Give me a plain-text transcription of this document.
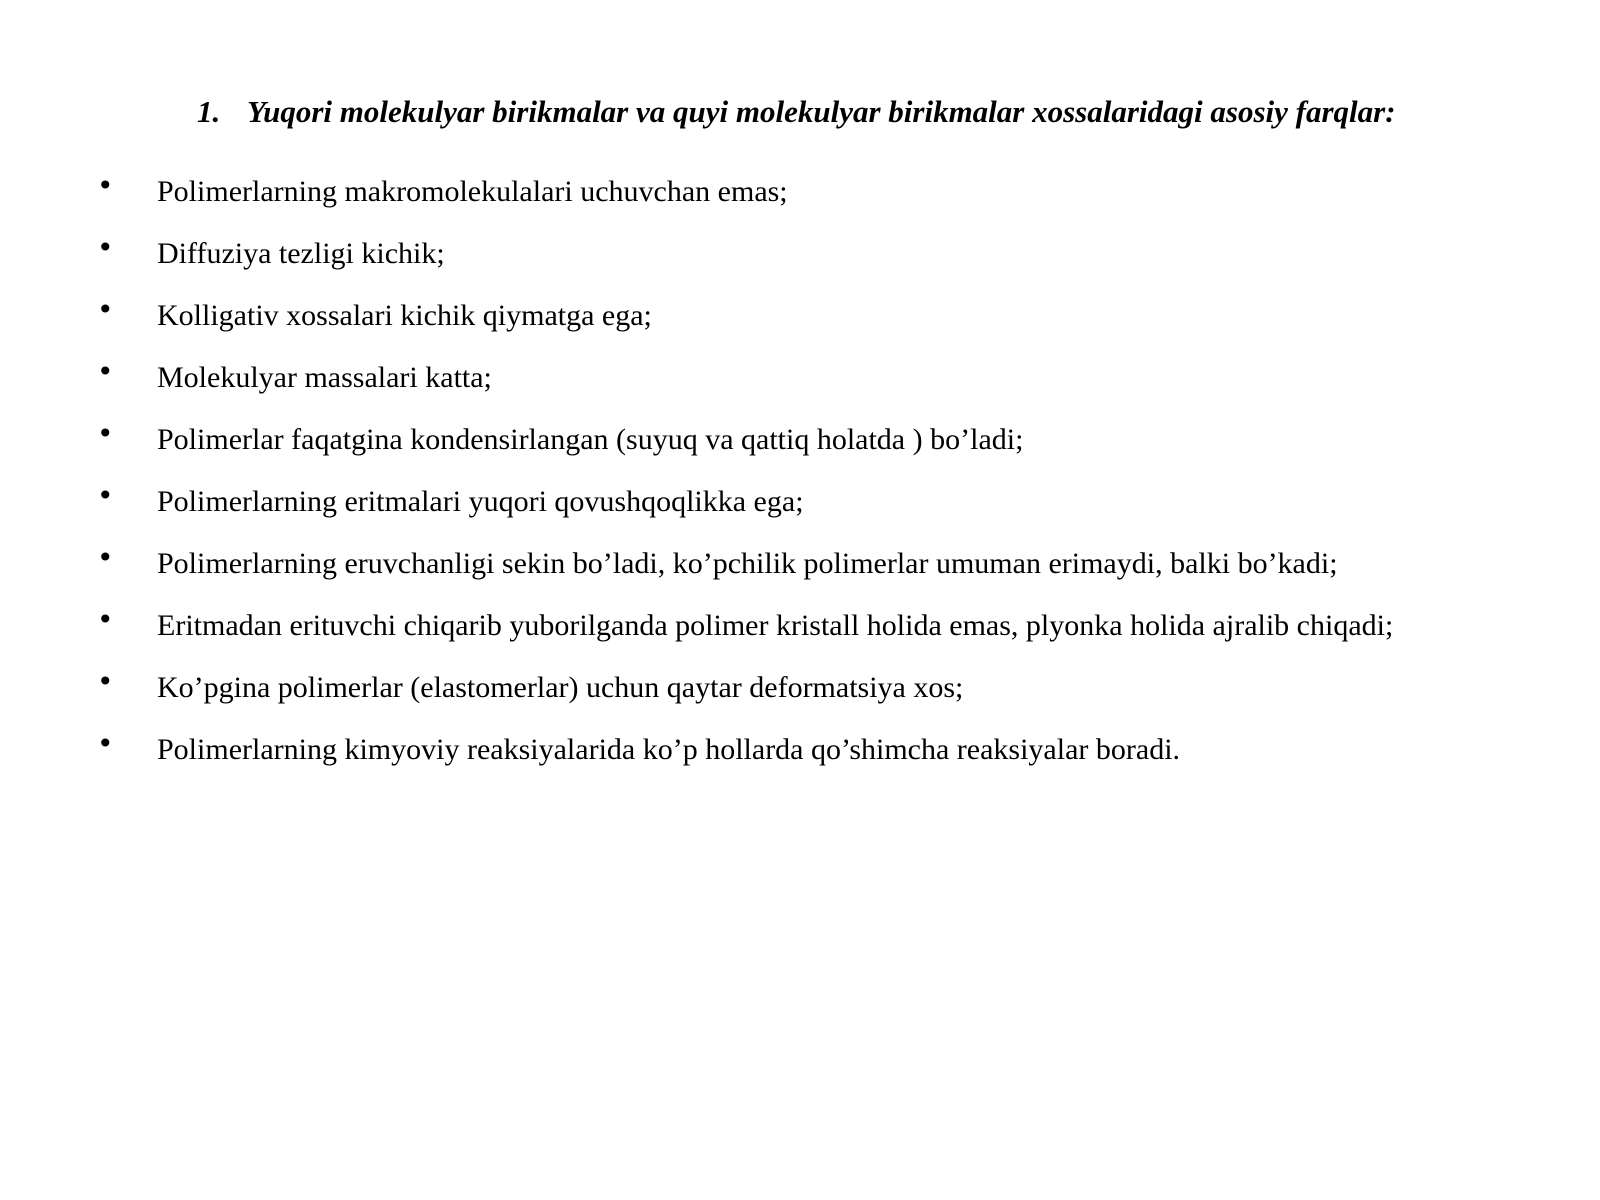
1. Yuqori molekulyar birikmalar va quyi molekulyar birikmalar xossalaridagi asosiy farqlar:
• Polimerlarning makromolekulalari uchuvchan emas;
• Diffuziya tezligi kichik;
• Kolligativ xossalari kichik qiymatga ega;
• Molekulyar massalari katta;
• Polimerlar faqatgina kondensirlangan (suyuq va qattiq holatda ) bo’ladi;
• Polimerlarning eritmalari yuqori qovushqoqlikka ega;
• Polimerlarning eruvchanligi sekin bo’ladi, ko’pchilik polimerlar umuman erimaydi, balki bo’kadi;
• Eritmadan erituvchi chiqarib yuborilganda polimer kristall holida emas, plyonka holida ajralib chiqadi;
• Ko’pgina polimerlar (elastomerlar) uchun qaytar deformatsiya xos;
• Polimerlarning kimyoviy reaksiyalarida ko’p hollarda qo’shimcha reaksiyalar boradi.
